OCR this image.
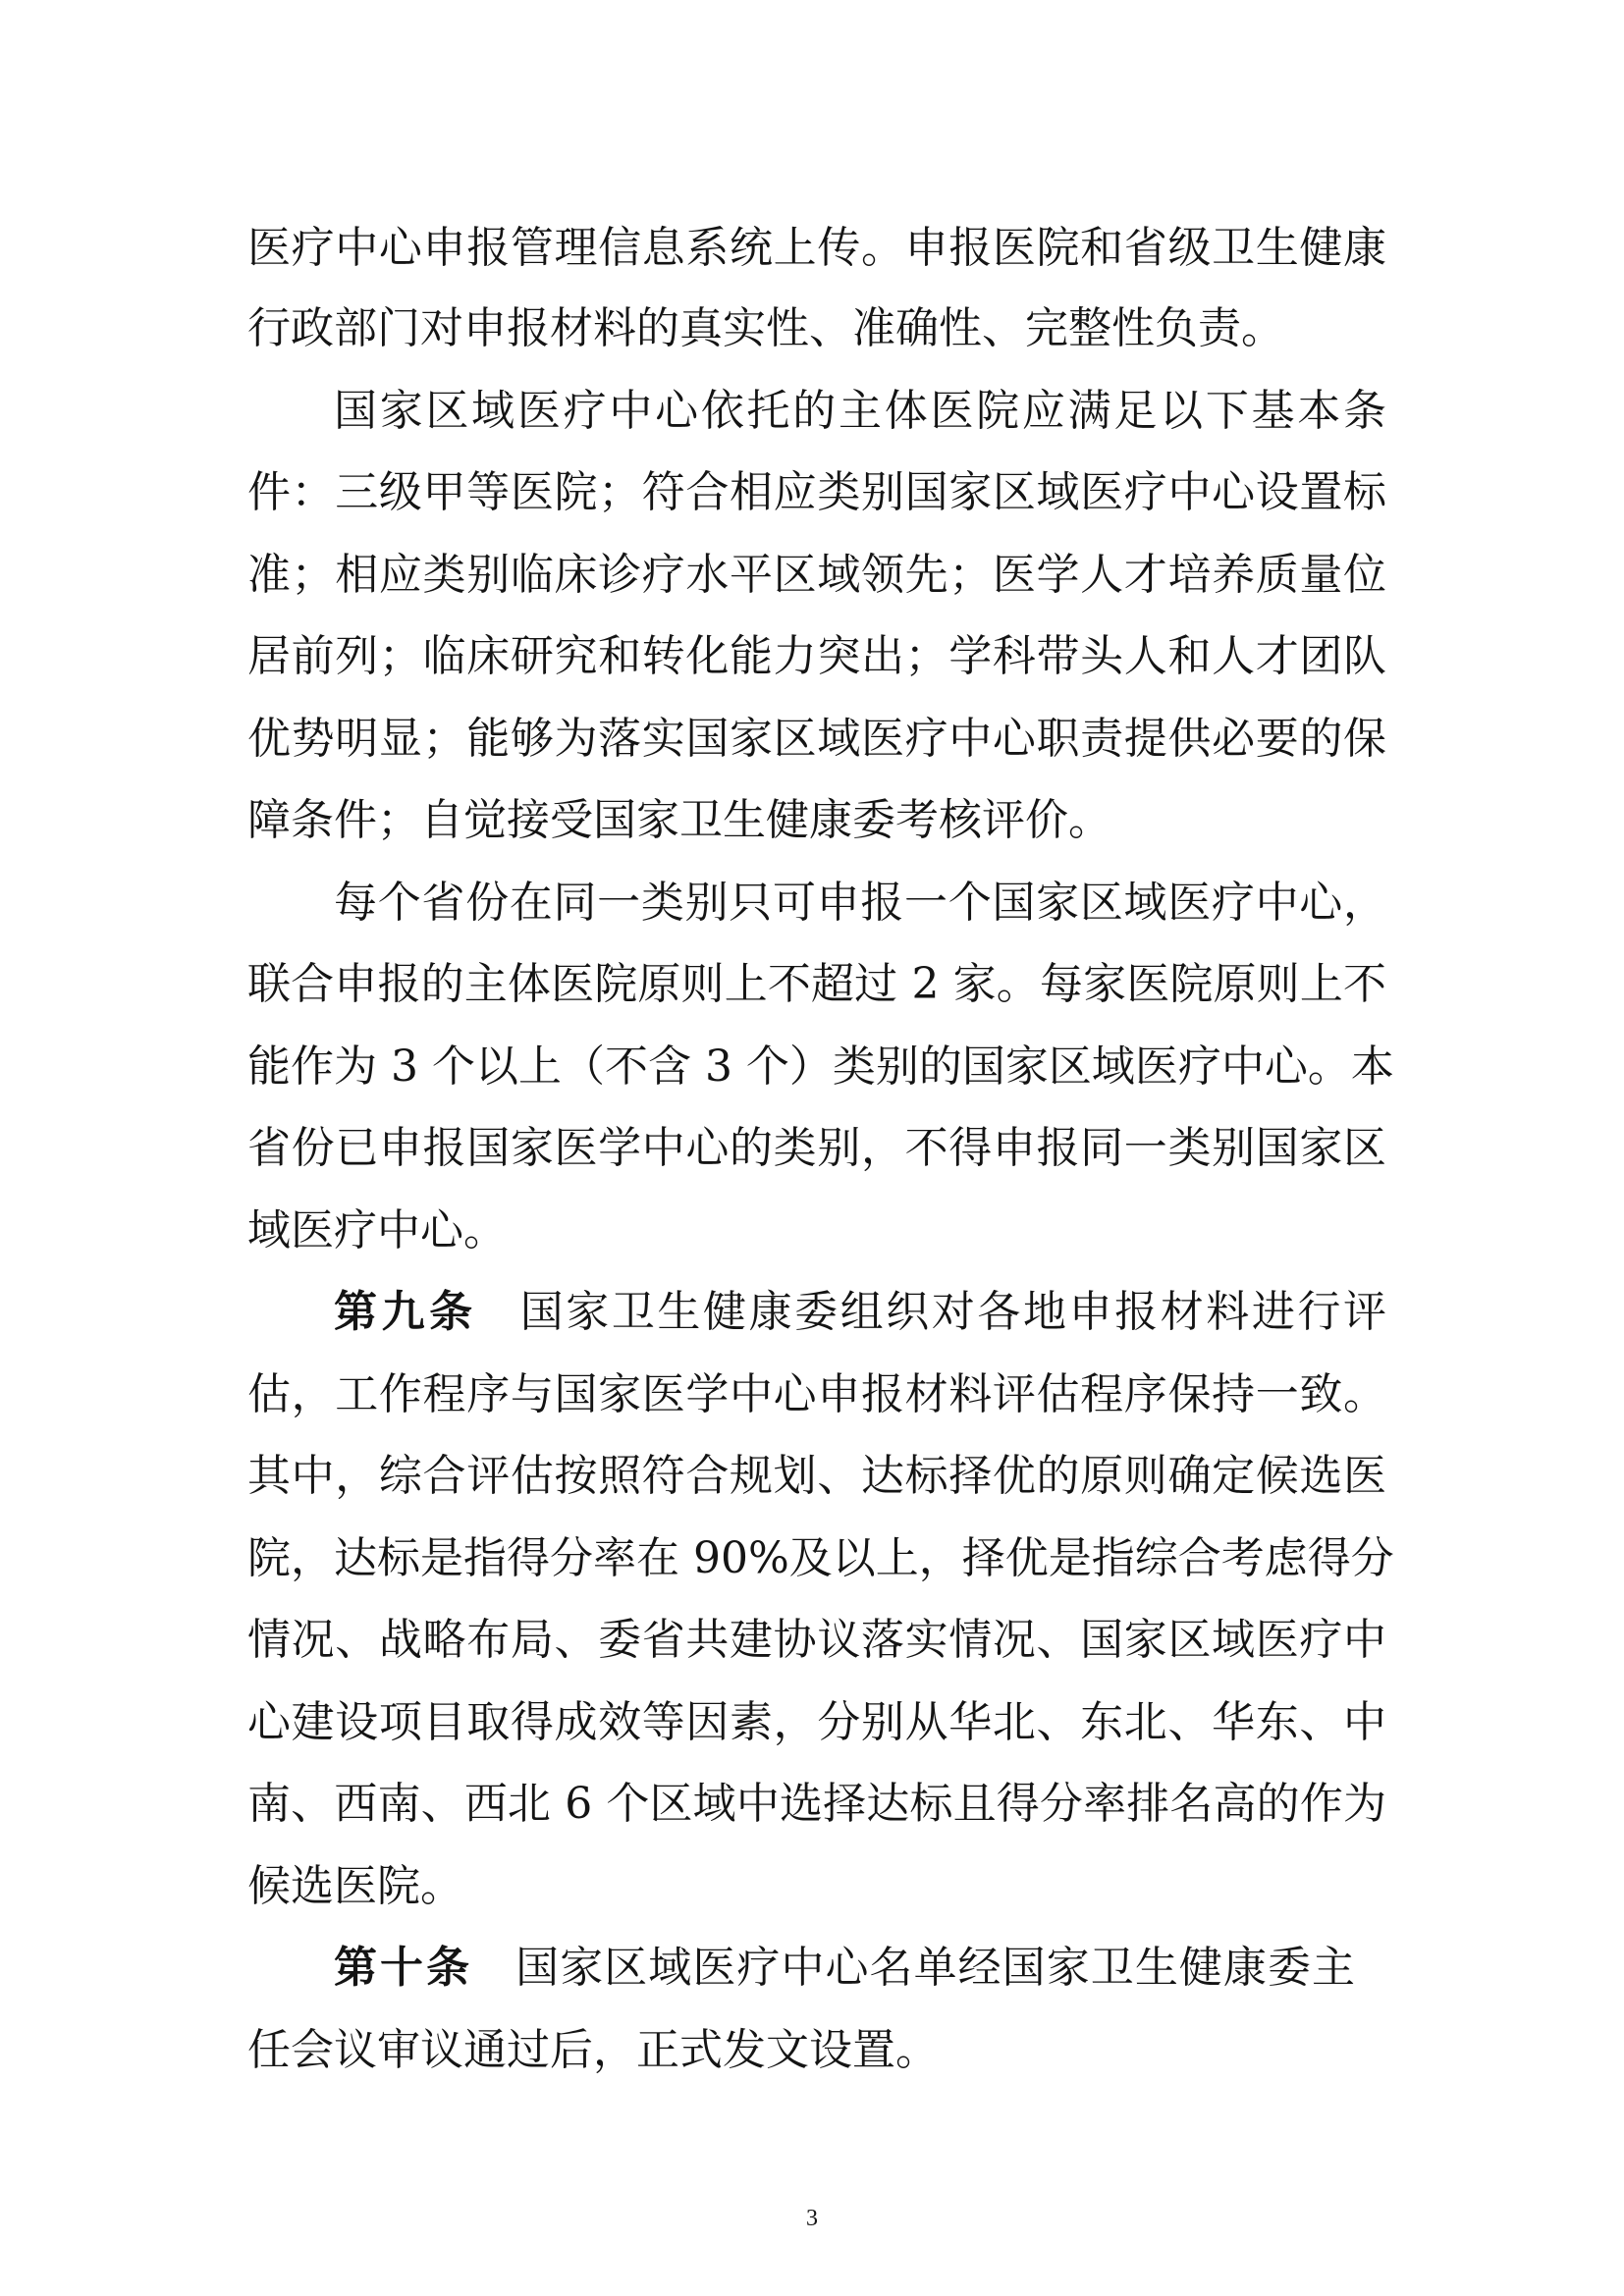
医疗中心申报管理信息系统上传。申报医院和省级卫生健康
行政部门对申报材料的真实性、准确性、完整性负责。
国家区域医疗中心依托的主体医院应满足以下基本条
件：三级甲等医院；符合相应类别国家区域医疗中心设置标
准；相应类别临床诊疗水平区域领先；医学人才培养质量位
居前列；临床研究和转化能力突出；学科带头人和人才团队
优势明显；能够为落实国家区域医疗中心职责提供必要的保
障条件；自觉接受国家卫生健康委考核评价。
每个省份在同一类别只可申报一个国家区域医疗中心，
联合申报的主体医院原则上不超过 2 家。每家医院原则上不
能作为 3 个以上（不含 3 个）类别的国家区域医疗中心。本
省份已申报国家医学中心的类别，不得申报同一类别国家区
域医疗中心。
第九条 国家卫生健康委组织对各地申报材料进行评
估，工作程序与国家医学中心申报材料评估程序保持一致。
其中，综合评估按照符合规划、达标择优的原则确定候选医
院，达标是指得分率在 90%及以上，择优是指综合考虑得分
情况、战略布局、委省共建协议落实情况、国家区域医疗中
心建设项目取得成效等因素，分别从华北、东北、华东、中
南、西南、西北 6 个区域中选择达标且得分率排名高的作为
候选医院。
第十条 国家区域医疗中心名单经国家卫生健康委主
任会议审议通过后，正式发文设置。
3
